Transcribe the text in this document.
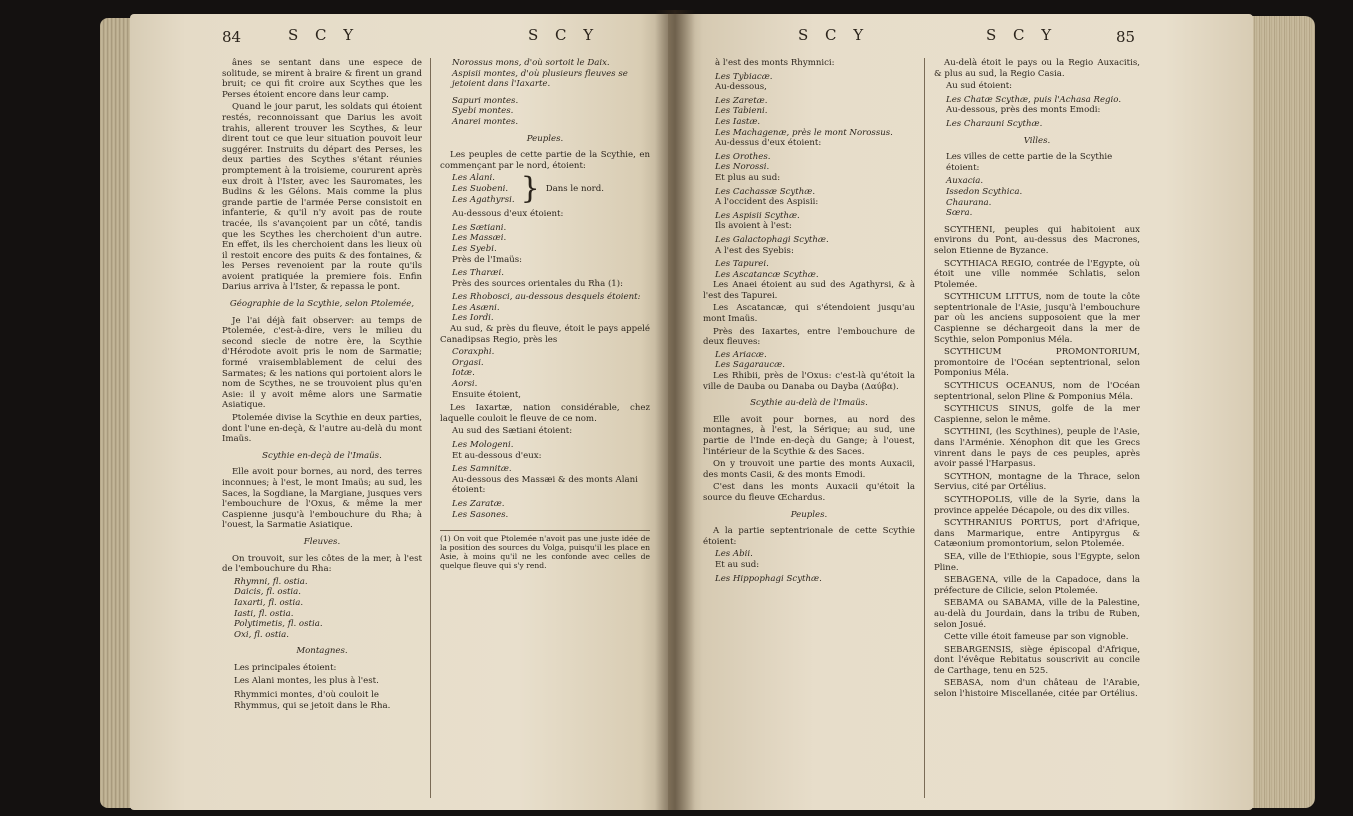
84	S C Y	S C Y

ânes se sentant dans une espece de solitude, se mirent à braire & firent un grand bruit; ce qui fit croire aux Scythes que les Perses étoient encore dans leur camp.

Quand le jour parut, les soldats qui étoient restés, reconnoissant que Darius les avoit trahis, allerent trouver les Scythes, & leur dirent tout ce que leur situation pouvoit leur suggérer. Instruits du départ des Perses, les deux parties des Scythes s'étant réunies promptement à la troisieme, coururent après eux droit à l'Ister, avec les Sauromates, les Budins & les Gélons. Mais comme la plus grande partie de l'armée Perse consistoit en infanterie, & qu'il n'y avoit pas de route tracée, ils s'avançoient par un côté, tandis que les Scythes les cherchoient d'un autre. En effet, ils les cherchoient dans les lieux où il restoit encore des puits & des fontaines, & les Perses revenoient par la route qu'ils avoient pratiquée la premiere fois. Enfin Darius arriva à l'Ister, & repassa le pont.

Géographie de la Scythie, selon Ptolemée,

Je l'ai déjà fait observer: au temps de Ptolemée, c'est-à-dire, vers le milieu du second siecle de notre ère, la Scythie d'Hérodote avoit pris le nom de Sarmatie; formé vraisemblablement de celui des Sarmates; & les nations qui portoient alors le nom de Scythes, ne se trouvoient plus qu'en Asie: il y avoit même alors une Sarmatie Asiatique.

Ptolemée divise la Scythie en deux parties, dont l'une en-deçà, & l'autre au-delà du mont Imaüs.

Scythie en-deçà de l'Imaüs.

Elle avoit pour bornes, au nord, des terres inconnues; à l'est, le mont Imaüs; au sud, les Saces, la Sogdiane, la Margiane, jusques vers l'embouchure de l'Oxus, & même la mer Caspienne jusqu'à l'embouchure du Rha; à l'ouest, la Sarmatie Asiatique.

Fleuves.

On trouvoit, sur les côtes de la mer, à l'est de l'embouchure du Rha:

Rhymni, fl. ostia.

Daicis, fl. ostia.

Iaxarti, fl. ostia.

Iasti, fl. ostia.

Polytimetis, fl. ostia.

Oxi, fl. ostia.

Montagnes.

Les principales étoient:

Les Alani montes, les plus à l'est.

Rhymmici montes, d'où couloit le Rhymmus, qui se jetoit dans le Rha.

Norossus mons, d'où sortoit le Daix.

Aspisii montes, d'où plusieurs fleuves se jetoient dans l'Iaxarte.

Sapuri montes.

Syebi montes.

Anarei montes.

Peuples.

Les peuples de cette partie de la Scythie, en commençant par le nord, étoient:

Les Alani.
Les Suobeni.
Les Agathyrsi. } Dans le nord.

Au-dessous d'eux étoient:

Les Sætiani.

Les Massæi.

Les Syebi.

Près de l'Imaüs:

Les Tharæi.

Près des sources orientales du Rha (1):

Les Rhobosci, au-dessous desquels étoient:

Les Asæni.

Les Iordi.

Au sud, & près du fleuve, étoit le pays appelé Canadipsas Regio, près les

Coraxphi.

Orgasi.

Iotæ.

Aorsi.

Ensuite étoient,

Les Iaxartæ, nation considérable, chez laquelle couloit le fleuve de ce nom.

Au sud des Sætiani étoient:

Les Mologeni.

Et au-dessous d'eux:

Les Samnitæ.

Au-dessous des Massæi & des monts Alani étoient:

Les Zaratæ.

Les Sasones.

(1) On voit que Ptolemée n'avoit pas une juste idée de la position des sources du Volga, puisqu'il les place en Asie, à moins qu'il ne les confonde avec celles de quelque fleuve qui s'y rend.

S C Y	S C Y	85

à l'est des monts Rhymnici:

Les Tybiacæ.

Au-dessous,

Les Zaretæ.

Les Tabieni.

Les Iastæ.

Les Machagenæ, près le mont Norossus.

Au-dessus d'eux étoient:

Les Orothes.

Les Norossi.

Et plus au sud:

Les Cachassæ Scythæ.

A l'occident des Aspisii:

Les Aspisii Scythæ.

Ils avoient à l'est:

Les Galactophagi Scythæ.

A l'est des Syebis:

Les Tapurei.

Les Ascatancæ Scythæ.

Les Anaei étoient au sud des Agathyrsi, & à l'est des Tapurei.

Les Ascatancæ, qui s'étendoient jusqu'au mont Imaüs.

Près des Iaxartes, entre l'embouchure de deux fleuves:

Les Ariacæ.

Les Sagaraucæ.

Les Rhibii, près de l'Oxus: c'est-là qu'étoit la ville de Dauba ou Danaba ou Dayba (Δαύβα).

Scythie au-delà de l'Imaüs.

Elle avoit pour bornes, au nord des montagnes, à l'est, la Sérique; au sud, une partie de l'Inde en-deçà du Gange; à l'ouest, l'intérieur de la Scythie & des Saces.

On y trouvoit une partie des monts Auxacii, des monts Casii, & des monts Emodi.

C'est dans les monts Auxacii qu'étoit la source du fleuve Œchardus.

Peuples.

A la partie septentrionale de cette Scythie étoient:

Les Abii.

Et au sud:

Les Hippophagi Scythæ.

Au-delà étoit le pays ou la Regio Auxacitis, & plus au sud, la Regio Casia.

Au sud étoient:

Les Chatæ Scythæ, puis l'Achasa Regio.

Au-dessous, près des monts Emodi:

Les Charauni Scythæ.

Villes.

Les villes de cette partie de la Scythie étoient:

Auxacia.

Issedon Scythica.

Chaurana.

Sœra.

SCYTHENI, peuples qui habitoient aux environs du Pont, au-dessus des Macrones, selon Etienne de Byzance.

SCYTHIACA REGIO, contrée de l'Egypte, où étoit une ville nommée Schlatis, selon Ptolemée.

SCYTHICUM LITTUS, nom de toute la côte septentrionale de l'Asie, jusqu'à l'embouchure par où les anciens supposoient que la mer Caspienne se déchargeoit dans la mer de Scythie, selon Pomponius Méla.

SCYTHICUM PROMONTORIUM, promontoire de l'Océan septentrional, selon Pomponius Méla.

SCYTHICUS OCEANUS, nom de l'Océan septentrional, selon Pline & Pomponius Méla.

SCYTHICUS SINUS, golfe de la mer Caspienne, selon le même.

SCYTHINI, (les Scythines), peuple de l'Asie, dans l'Arménie. Xénophon dit que les Grecs vinrent dans le pays de ces peuples, après avoir passé l'Harpasus.

SCYTHON, montagne de la Thrace, selon Servius, cité par Ortélius.

SCYTHOPOLIS, ville de la Syrie, dans la province appelée Décapole, ou des dix villes.

SCYTHRANIUS PORTUS, port d'Afrique, dans Marmarique, entre Antipyrgus & Catæonium promontorium, selon Ptolemée.

SEA, ville de l'Ethiopie, sous l'Egypte, selon Pline.

SEBAGENA, ville de la Capadoce, dans la préfecture de Cilicie, selon Ptolemée.

SEBAMA ou SABAMA, ville de la Palestine, au-delà du Jourdain, dans la tribu de Ruben, selon Josué.

Cette ville étoit fameuse par son vignoble.

SEBARGENSIS, siège épiscopal d'Afrique, dont l'évêque Rebitatus souscrivit au concile de Carthage, tenu en 525.

SEBASA, nom d'un château de l'Arabie, selon l'histoire Miscellanée, citée par Ortélius.
